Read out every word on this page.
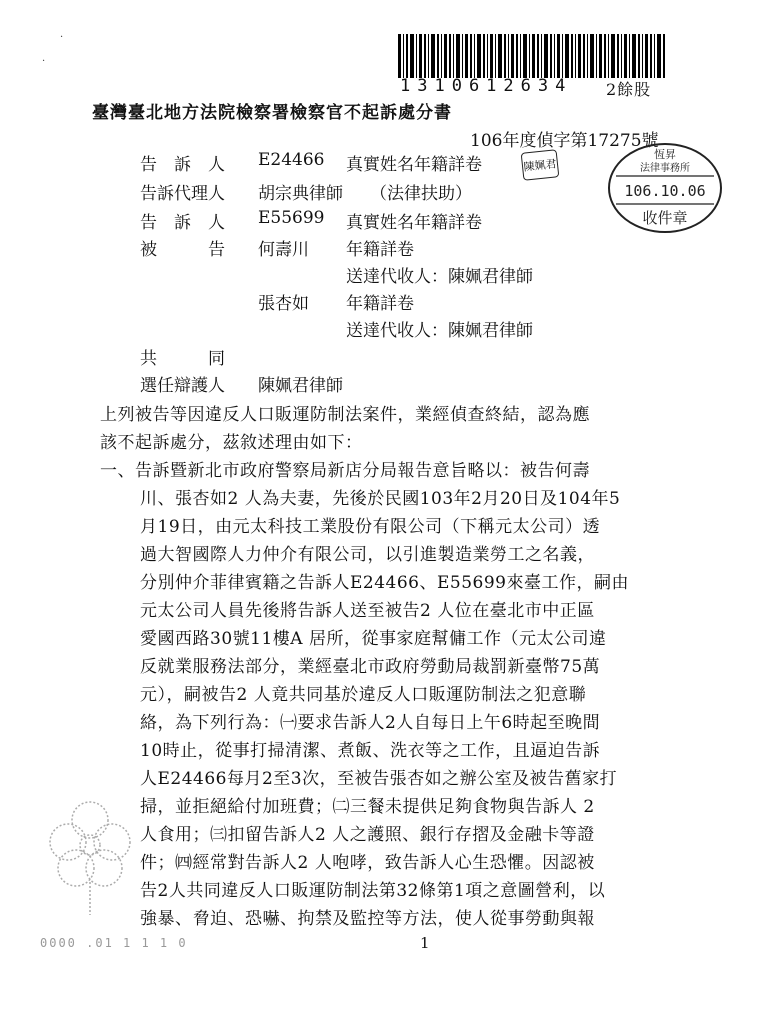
1310612634 2餘股
臺灣臺北地方法院檢察署檢察官不起訴處分書
106年度偵字第17275號
告　訴　人	E24466 真實姓名年籍詳卷
告訴代理人	胡宗典律師 （法律扶助）
告　訴　人	E55699 真實姓名年籍詳卷
被　　　告	何壽川 年籍詳卷
送達代收人：陳姵君律師
張杏如 年籍詳卷
送達代收人：陳姵君律師
共　　　同
選任辯護人	陳姵君律師
陳姵君
恆昇
法律事務所
106.10.06
收件章
上列被告等因違反人口販運防制法案件，業經偵查終結，認為應
該不起訴處分，茲敘述理由如下：
一、告訴暨新北市政府警察局新店分局報告意旨略以：被告何壽
川、張杏如2 人為夫妻，先後於民國103年2月20日及104年5
月19日，由元太科技工業股份有限公司（下稱元太公司）透
過大智國際人力仲介有限公司，以引進製造業勞工之名義，
分別仲介菲律賓籍之告訴人E24466、E55699來臺工作，嗣由
元太公司人員先後將告訴人送至被告2 人位在臺北市中正區
愛國西路30號11樓A 居所，從事家庭幫傭工作（元太公司違
反就業服務法部分，業經臺北市政府勞動局裁罰新臺幣75萬
元），嗣被告2 人竟共同基於違反人口販運防制法之犯意聯
絡，為下列行為：㈠要求告訴人2人自每日上午6時起至晚間
10時止，從事打掃清潔、煮飯、洗衣等之工作，且逼迫告訴
人E24466每月2至3次，至被告張杏如之辦公室及被告舊家打
掃，並拒絕給付加班費；㈡三餐未提供足夠食物與告訴人 2
人食用；㈢扣留告訴人2 人之護照、銀行存摺及金融卡等證
件；㈣經常對告訴人2 人咆哮，致告訴人心生恐懼。因認被
告2人共同違反人口販運防制法第32條第1項之意圖營利，以
強暴、脅迫、恐嚇、拘禁及監控等方法，使人從事勞動與報
0000 .01 1 1 1 0	1
·
·
